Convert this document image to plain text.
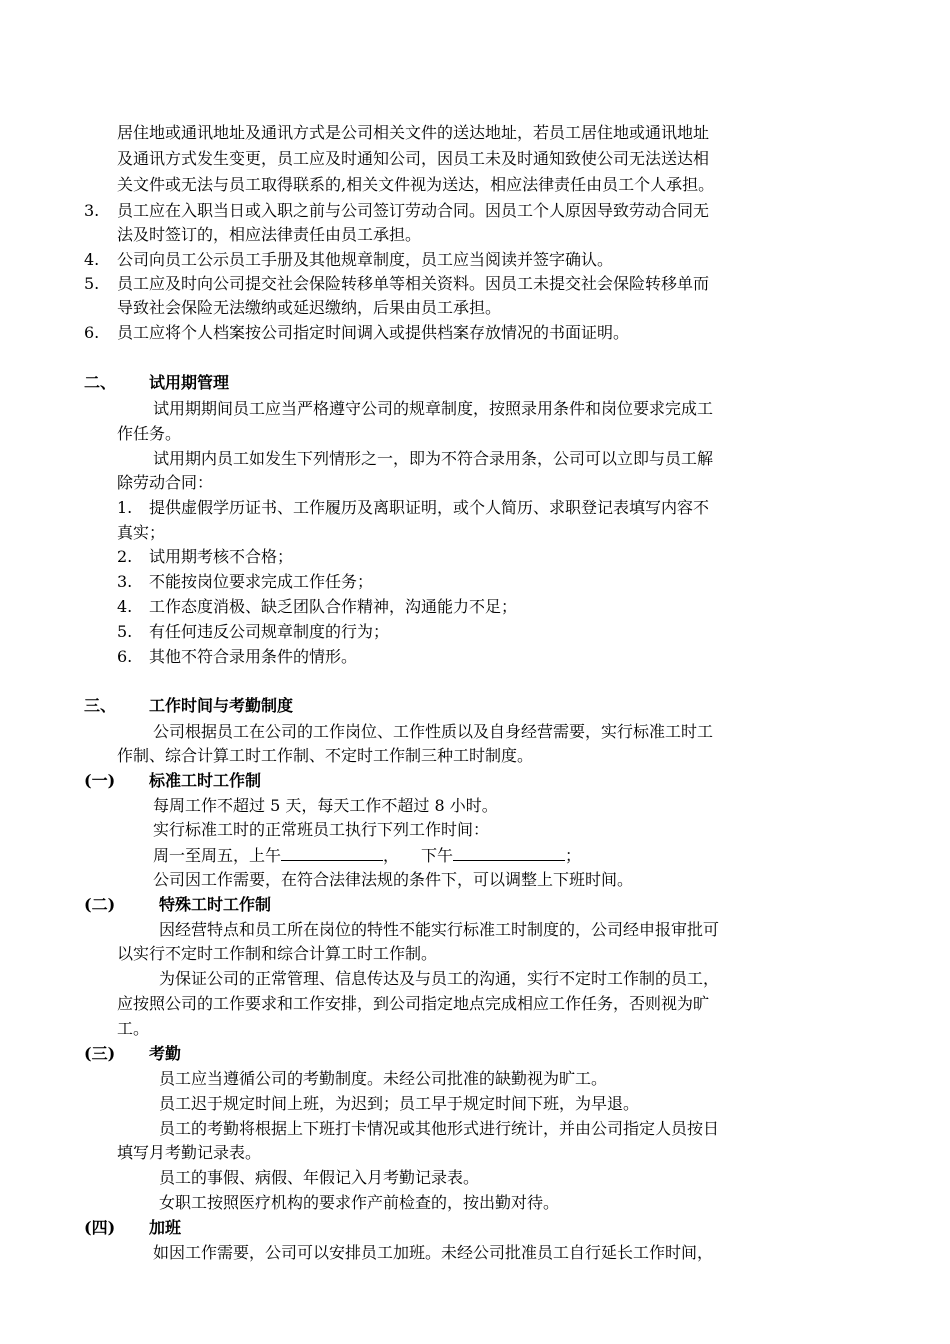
居住地或通讯地址及通讯方式是公司相关文件的送达地址，若员工居住地或通讯地址
及通讯方式发生变更，员工应及时通知公司，因员工未及时通知致使公司无法送达相
关文件或无法与员工取得联系的,相关文件视为送达，相应法律责任由员工个人承担。
3. 员工应在入职当日或入职之前与公司签订劳动合同。因员工个人原因导致劳动合同无
法及时签订的，相应法律责任由员工承担。
4. 公司向员工公示员工手册及其他规章制度，员工应当阅读并签字确认。
5. 员工应及时向公司提交社会保险转移单等相关资料。因员工未提交社会保险转移单而
导致社会保险无法缴纳或延迟缴纳，后果由员工承担。
6. 员工应将个人档案按公司指定时间调入或提供档案存放情况的书面证明。
二、 试用期管理
试用期期间员工应当严格遵守公司的规章制度，按照录用条件和岗位要求完成工
作任务。
试用期内员工如发生下列情形之一，即为不符合录用条，公司可以立即与员工解
除劳动合同：
1. 提供虚假学历证书、工作履历及离职证明，或个人简历、求职登记表填写内容不
真实；
2. 试用期考核不合格；
3. 不能按岗位要求完成工作任务；
4. 工作态度消极、缺乏团队合作精神，沟通能力不足；
5. 有任何违反公司规章制度的行为；
6. 其他不符合录用条件的情形。
三、 工作时间与考勤制度
公司根据员工在公司的工作岗位、工作性质以及自身经营需要，实行标准工时工
作制、综合计算工时工作制、不定时工作制三种工时制度。
(一) 标准工时工作制
每周工作不超过 5 天，每天工作不超过 8 小时。
实行标准工时的正常班员工执行下列工作时间：
周一至周五，上午	， 下午	；
公司因工作需要，在符合法律法规的条件下，可以调整上下班时间。
(二)	特殊工时工作制
因经营特点和员工所在岗位的特性不能实行标准工时制度的，公司经申报审批可
以实行不定时工作制和综合计算工时工作制。
为保证公司的正常管理、信息传达及与员工的沟通，实行不定时工作制的员工，
应按照公司的工作要求和工作安排，到公司指定地点完成相应工作任务，否则视为旷
工。
(三) 考勤
员工应当遵循公司的考勤制度。未经公司批准的缺勤视为旷工。
员工迟于规定时间上班，为迟到；员工早于规定时间下班，为早退。
员工的考勤将根据上下班打卡情况或其他形式进行统计，并由公司指定人员按日
填写月考勤记录表。
员工的事假、病假、年假记入月考勤记录表。
女职工按照医疗机构的要求作产前检查的，按出勤对待。
(四) 加班
如因工作需要，公司可以安排员工加班。未经公司批准员工自行延长工作时间，
